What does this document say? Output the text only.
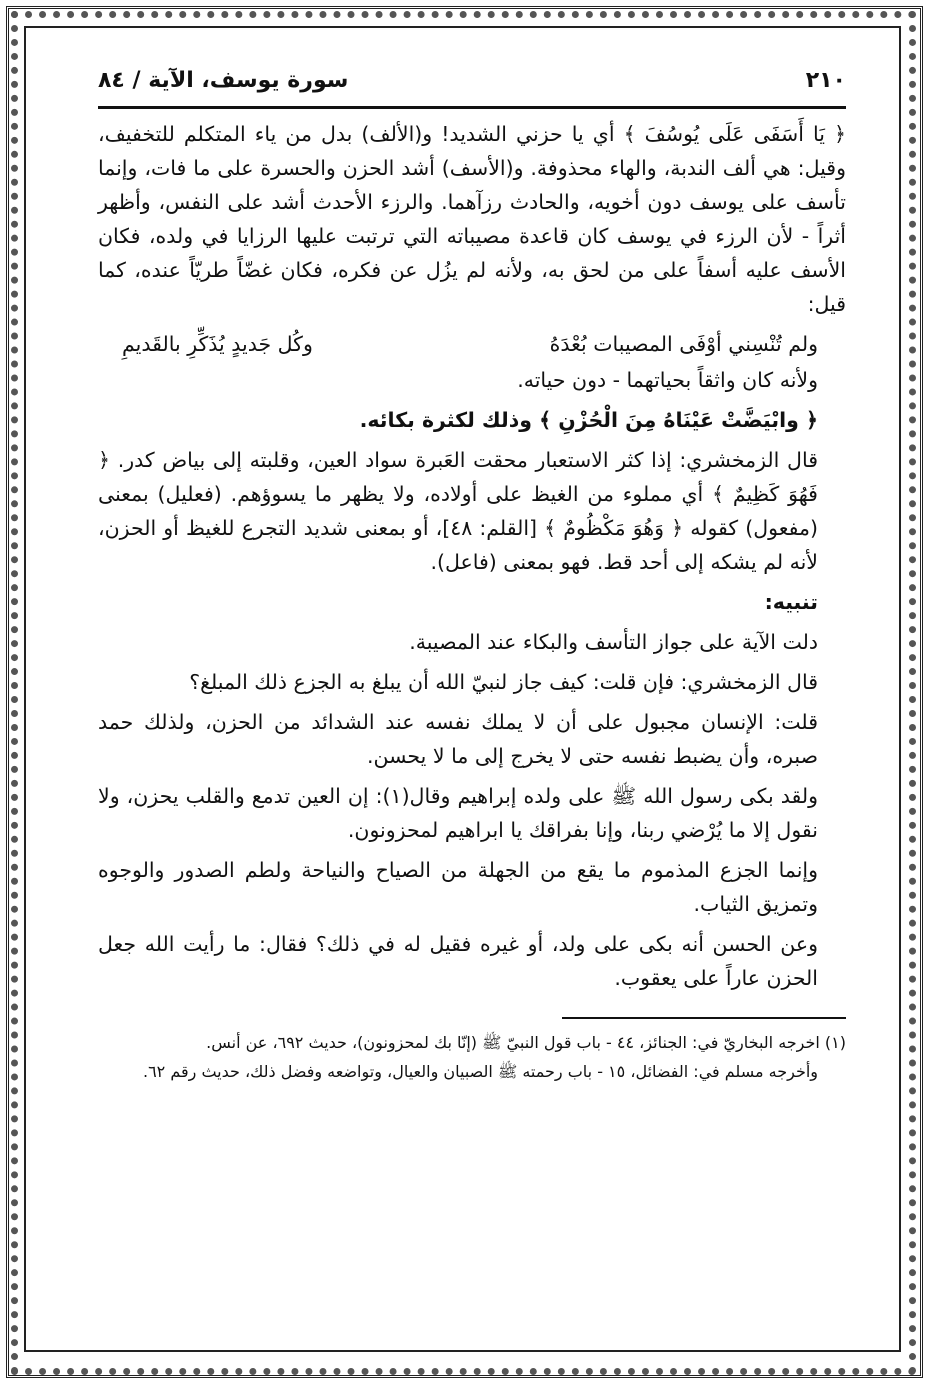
٢١٠
سورة يوسف، الآية / ٨٤

﴿ يَا أَسَفَى عَلَى يُوسُفَ ﴾ أي يا حزني الشديد! و(الألف) بدل من ياء المتكلم للتخفيف، وقيل: هي ألف الندبة، والهاء محذوفة. و(الأسف) أشد الحزن والحسرة على ما فات، وإنما تأسف على يوسف دون أخويه، والحادث رزآهما. والرزء الأحدث أشد على النفس، وأظهر أثراً - لأن الرزء في يوسف كان قاعدة مصيباته التي ترتبت عليها الرزايا في ولده، فكان الأسف عليه أسفاً على من لحق به، ولأنه لم يزُل عن فكره، فكان غضّاً طريّاً عنده، كما قيل:

ولم تُنْسِني أوْفَى المصيبات بُعْدَهُ
وكُل جَديدٍ يُذَكِّرِ بالقَديمِ

ولأنه كان واثقاً بحياتهما - دون حياته.

﴿ وابْيَضَّتْ عَيْنَاهُ مِنَ الْحُزْنِ ﴾ وذلك لكثرة بكائه.

قال الزمخشري: إذا كثر الاستعبار محقت العَبرة سواد العين، وقلبته إلى بياض كدر. ﴿ فَهُوَ كَظِيمٌ ﴾ أي مملوء من الغيظ على أولاده، ولا يظهر ما يسوؤهم. (فعليل) بمعنى (مفعول) كقوله ﴿ وَهُوَ مَكْظُومٌ ﴾ [القلم: ٤٨]، أو بمعنى شديد التجرع للغيظ أو الحزن، لأنه لم يشكه إلى أحد قط. فهو بمعنى (فاعل).

تنبيه:

دلت الآية على جواز التأسف والبكاء عند المصيبة.

قال الزمخشري: فإن قلت: كيف جاز لنبيّ الله أن يبلغ به الجزع ذلك المبلغ؟

قلت: الإنسان مجبول على أن لا يملك نفسه عند الشدائد من الحزن، ولذلك حمد صبره، وأن يضبط نفسه حتى لا يخرج إلى ما لا يحسن.

ولقد بكى رسول الله ﷺ على ولده إبراهيم وقال(١): إن العين تدمع والقلب يحزن، ولا نقول إلا ما يُرْضي ربنا، وإنا بفراقك يا ابراهيم لمحزونون.

وإنما الجزع المذموم ما يقع من الجهلة من الصياح والنياحة ولطم الصدور والوجوه وتمزيق الثياب.

وعن الحسن أنه بكى على ولد، أو غيره فقيل له في ذلك؟ فقال: ما رأيت الله جعل الحزن عاراً على يعقوب.

(١) اخرجه البخاريّ في: الجنائز، ٤٤ - باب قول النبيّ ﷺ (إنّا بك لمحزونون)، حديث ٦٩٢، عن أنس.

وأخرجه مسلم في: الفضائل، ١٥ - باب رحمته ﷺ الصبيان والعيال، وتواضعه وفضل ذلك، حديث رقم ٦٢.
